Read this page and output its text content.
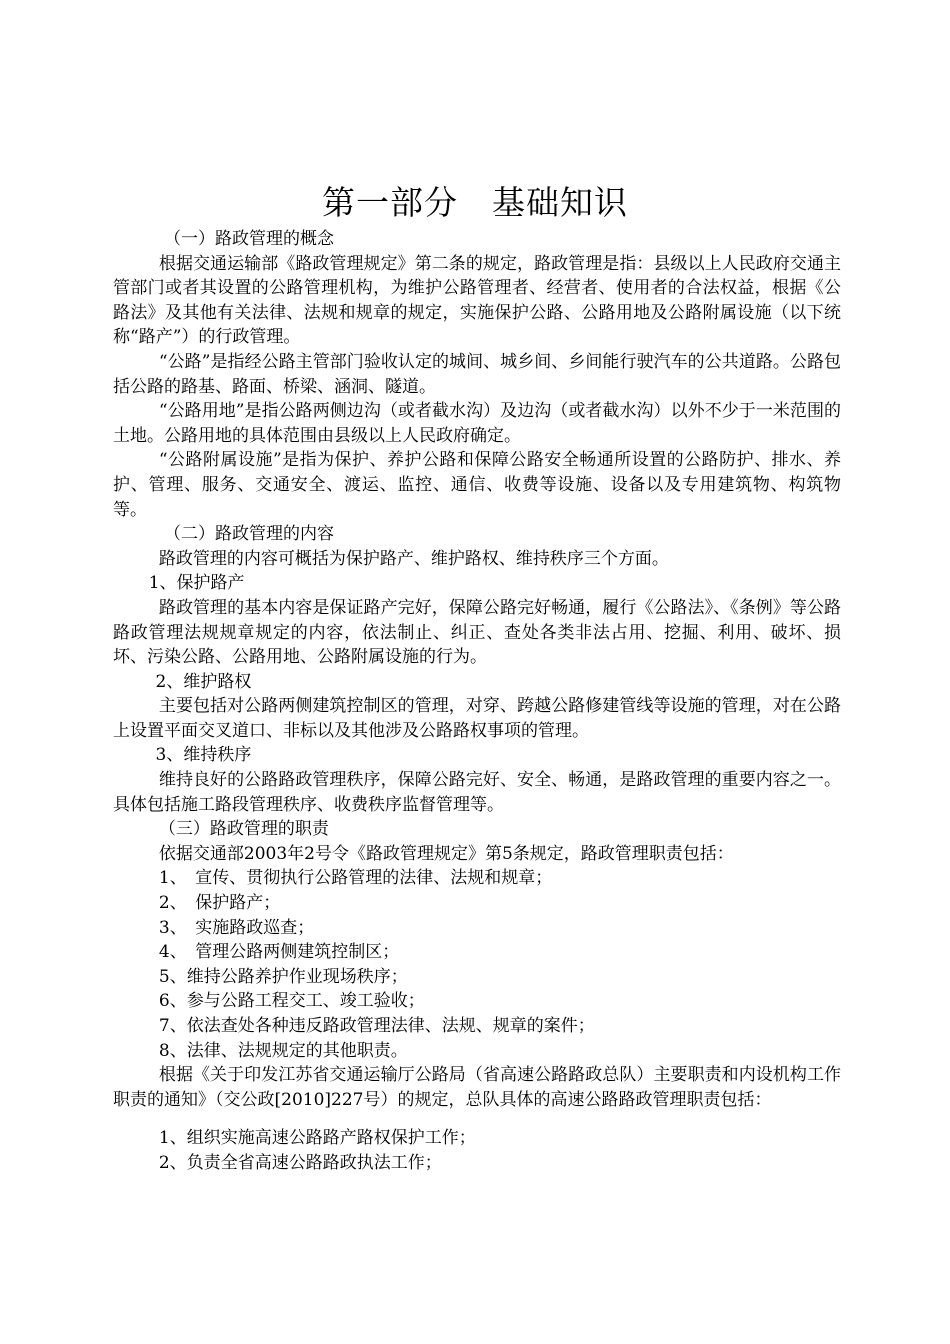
第一部分　基础知识

（一）路政管理的概念

根据交通运输部《路政管理规定》第二条的规定，路政管理是指：县级以上人民政府交通主管部门或者其设置的公路管理机构，为维护公路管理者、经营者、使用者的合法权益，根据《公路法》及其他有关法律、法规和规章的规定，实施保护公路、公路用地及公路附属设施（以下统称“路产”）的行政管理。

“公路”是指经公路主管部门验收认定的城间、城乡间、乡间能行驶汽车的公共道路。公路包括公路的路基、路面、桥梁、涵洞、隧道。

“公路用地”是指公路两侧边沟（或者截水沟）及边沟（或者截水沟）以外不少于一米范围的土地。公路用地的具体范围由县级以上人民政府确定。

“公路附属设施”是指为保护、养护公路和保障公路安全畅通所设置的公路防护、排水、养护、管理、服务、交通安全、渡运、监控、通信、收费等设施、设备以及专用建筑物、构筑物等。

（二）路政管理的内容

路政管理的内容可概括为保护路产、维护路权、维持秩序三个方面。

1、保护路产

路政管理的基本内容是保证路产完好，保障公路完好畅通，履行《公路法》、《条例》等公路路政管理法规规章规定的内容，依法制止、纠正、查处各类非法占用、挖掘、利用、破坏、损坏、污染公路、公路用地、公路附属设施的行为。

2、维护路权

主要包括对公路两侧建筑控制区的管理，对穿、跨越公路修建管线等设施的管理，对在公路上设置平面交叉道口、非标以及其他涉及公路路权事项的管理。

3、维持秩序

维持良好的公路路政管理秩序，保障公路完好、安全、畅通，是路政管理的重要内容之一。具体包括施工路段管理秩序、收费秩序监督管理等。

（三）路政管理的职责

依据交通部2003年2号令《路政管理规定》第5条规定，路政管理职责包括：

1、　宣传、贯彻执行公路管理的法律、法规和规章；

2、　保护路产；

3、　实施路政巡查；

4、　管理公路两侧建筑控制区；

5、维持公路养护作业现场秩序；

6、参与公路工程交工、竣工验收；

7、依法查处各种违反路政管理法律、法规、规章的案件；

8、法律、法规规定的其他职责。

根据《关于印发江苏省交通运输厅公路局（省高速公路路政总队）主要职责和内设机构工作职责的通知》（交公政[2010]227号）的规定，总队具体的高速公路路政管理职责包括：

1、组织实施高速公路路产路权保护工作；

2、负责全省高速公路路政执法工作；
